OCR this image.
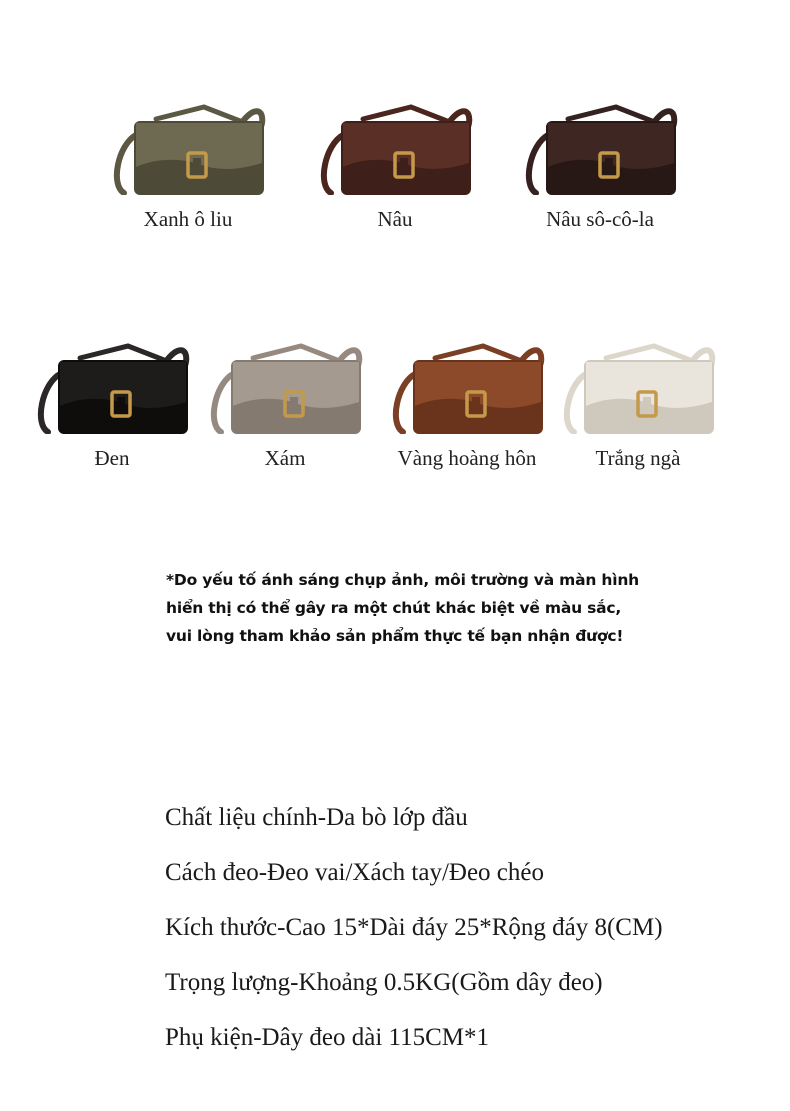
Xanh ô liu	Nâu	Nâu sô-cô-la
Đen	Xám	Vàng hoàng hôn	Trắng ngà
*Do yếu tố ánh sáng chụp ảnh, môi trường và màn hình
hiển thị có thể gây ra một chút khác biệt về màu sắc,
vui lòng tham khảo sản phẩm thực tế bạn nhận được!
Chất liệu chính-Da bò lớp đầu
Cách đeo-Đeo vai/Xách tay/Đeo chéo
Kích thước-Cao 15*Dài đáy 25*Rộng đáy 8(CM)
Trọng lượng-Khoảng 0.5KG(Gồm dây đeo)
Phụ kiện-Dây đeo dài 115CM*1
